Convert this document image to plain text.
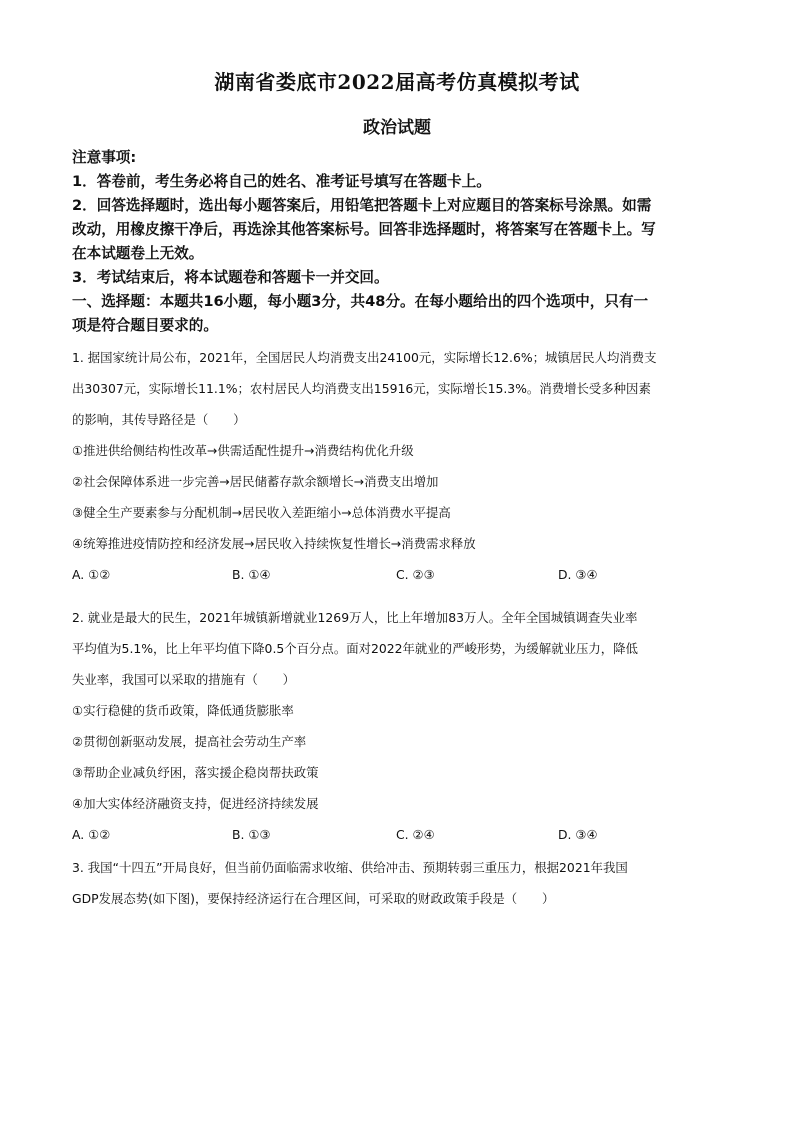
湖南省娄底市2022届高考仿真模拟考试
政治试题
注意事项:
1．答卷前，考生务必将自己的姓名、准考证号填写在答题卡上。
2．回答选择题时，选出每小题答案后，用铅笔把答题卡上对应题目的答案标号涂黑。如需
改动，用橡皮擦干净后，再选涂其他答案标号。回答非选择题时，将答案写在答题卡上。写
在本试题卷上无效。
3．考试结束后，将本试题卷和答题卡一并交回。
一、选择题：本题共16小题，每小题3分，共48分。在每小题给出的四个选项中，只有一
项是符合题目要求的。
1. 据国家统计局公布，2021年，全国居民人均消费支出24100元，实际增长12.6%；城镇居民人均消费支
出30307元，实际增长11.1%；农村居民人均消费支出15916元，实际增长15.3%。消费增长受多种因素
的影响，其传导路径是（　　）
①推进供给侧结构性改革→供需适配性提升→消费结构优化升级
②社会保障体系进一步完善→居民储蓄存款余额增长→消费支出增加
③健全生产要素参与分配机制→居民收入差距缩小→总体消费水平提高
④统筹推进疫情防控和经济发展→居民收入持续恢复性增长→消费需求释放
A. ①②	B. ①④	C. ②③	D. ③④
2. 就业是最大的民生，2021年城镇新增就业1269万人，比上年增加83万人。全年全国城镇调查失业率
平均值为5.1%，比上年平均值下降0.5个百分点。面对2022年就业的严峻形势，为缓解就业压力，降低
失业率，我国可以采取的措施有（　　）
①实行稳健的货币政策，降低通货膨胀率
②贯彻创新驱动发展，提高社会劳动生产率
③帮助企业减负纾困，落实援企稳岗帮扶政策
④加大实体经济融资支持，促进经济持续发展
A. ①②	B. ①③	C. ②④	D. ③④
3. 我国“十四五”开局良好，但当前仍面临需求收缩、供给冲击、预期转弱三重压力，根据2021年我国
GDP发展态势(如下图)，要保持经济运行在合理区间，可采取的财政政策手段是（　　）
